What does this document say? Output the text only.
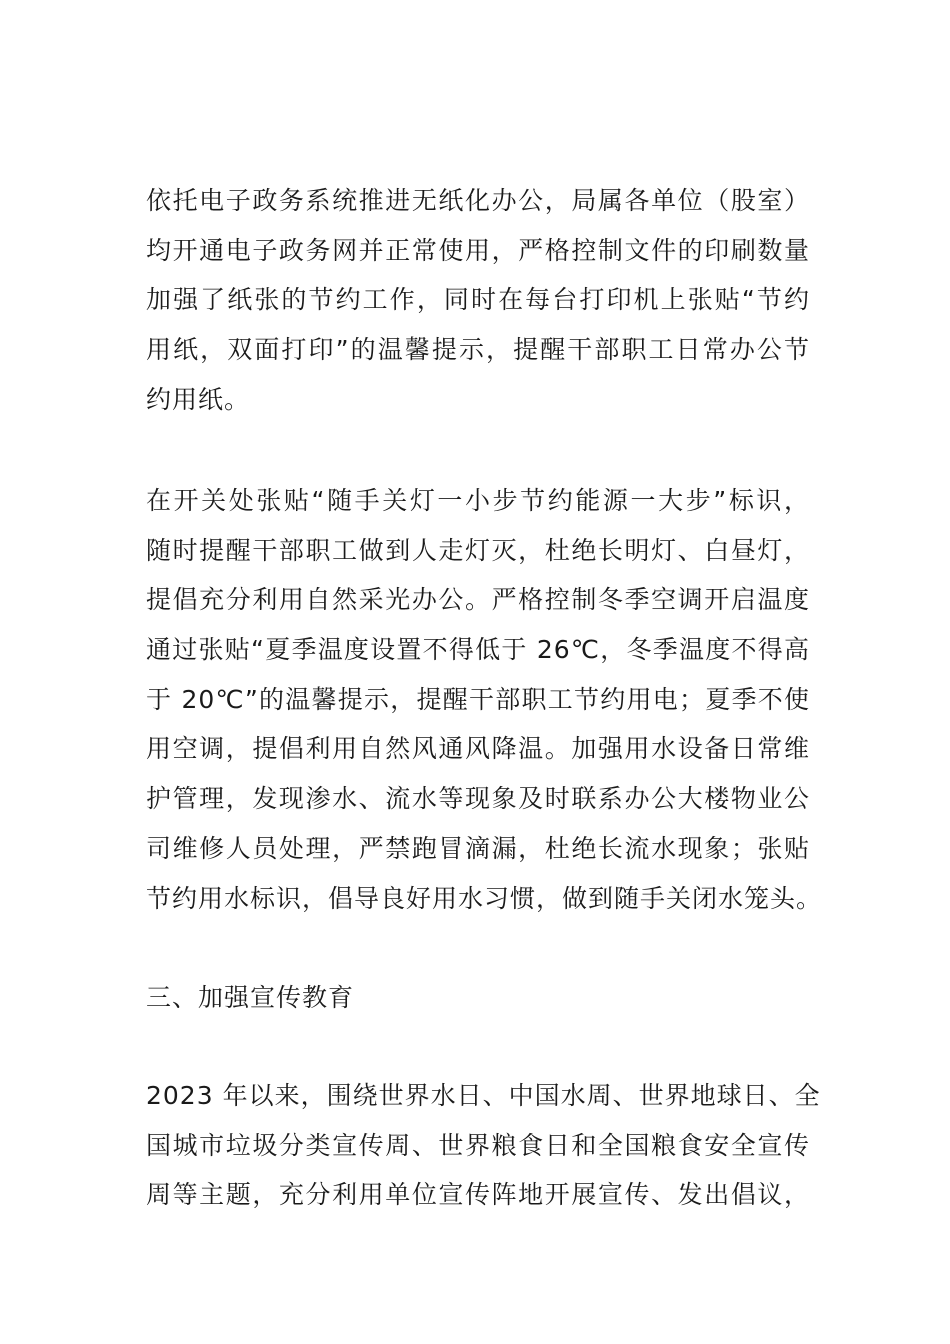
依托电子政务系统推进无纸化办公，局属各单位（股室）
均开通电子政务网并正常使用，严格控制文件的印刷数量
加强了纸张的节约工作，同时在每台打印机上张贴“节约
用纸，双面打印”的温馨提示，提醒干部职工日常办公节
约用纸。
在开关处张贴“随手关灯一小步节约能源一大步”标识，
随时提醒干部职工做到人走灯灭，杜绝长明灯、白昼灯，
提倡充分利用自然采光办公。严格控制冬季空调开启温度
通过张贴“夏季温度设置不得低于 26℃，冬季温度不得高
于 20℃”的温馨提示，提醒干部职工节约用电；夏季不使
用空调，提倡利用自然风通风降温。加强用水设备日常维
护管理，发现渗水、流水等现象及时联系办公大楼物业公
司维修人员处理，严禁跑冒滴漏，杜绝长流水现象；张贴
节约用水标识，倡导良好用水习惯，做到随手关闭水笼头。
三、加强宣传教育
2023 年以来，围绕世界水日、中国水周、世界地球日、全
国城市垃圾分类宣传周、世界粮食日和全国粮食安全宣传
周等主题，充分利用单位宣传阵地开展宣传、发出倡议，
